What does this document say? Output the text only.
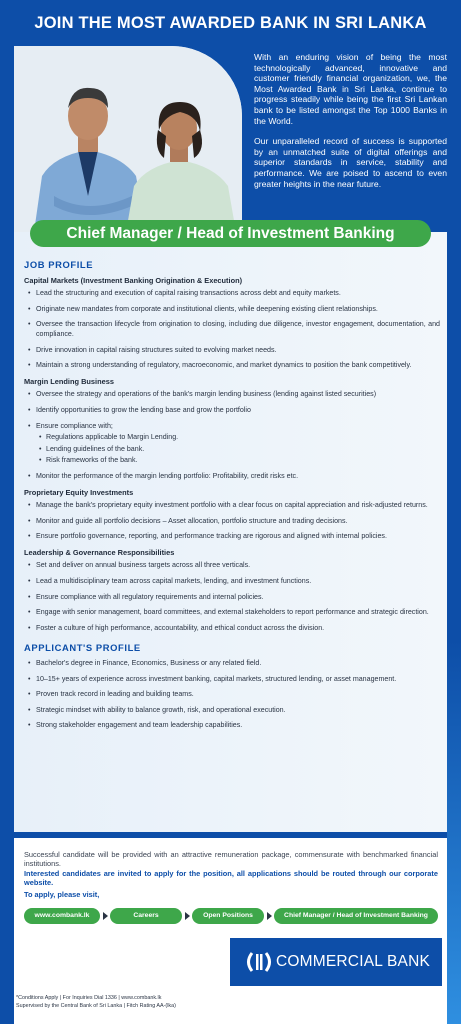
JOIN THE MOST AWARDED BANK IN SRI LANKA

With an enduring vision of being the most technologically advanced, innovative and customer friendly financial organization, we, the Most Awarded Bank in Sri Lanka, continue to progress steadily while being the first Sri Lankan bank to be listed amongst the Top 1000 Banks in the World.

Our unparalleled record of success is supported by an unmatched suite of digital offerings and superior standards in service, stability and performance. We are poised to ascend to even greater heights in the near future.

Chief Manager / Head of Investment Banking
JOB PROFILE
Capital Markets (Investment Banking Origination & Execution)
• Lead the structuring and execution of capital raising transactions across debt and equity markets.
• Originate new mandates from corporate and institutional clients, while deepening existing client relationships.
• Oversee the transaction lifecycle from origination to closing, including due diligence, investor engagement, documentation, and compliance.
• Drive innovation in capital raising structures suited to evolving market needs.
• Maintain a strong understanding of regulatory, macroeconomic, and market dynamics to position the bank competitively.
Margin Lending Business
• Oversee the strategy and operations of the bank's margin lending business (lending against listed securities)
• Identify opportunities to grow the lending base and grow the portfolio
• Ensure compliance with;
• Regulations applicable to Margin Lending.
• Lending guidelines of the bank.
• Risk frameworks of the bank.
• Monitor the performance of the margin lending portfolio: Profitability, credit risks etc.
Proprietary Equity Investments
• Manage the bank's proprietary equity investment portfolio with a clear focus on capital appreciation and risk-adjusted returns.
• Monitor and guide all portfolio decisions – Asset allocation, portfolio structure and trading decisions.
• Ensure portfolio governance, reporting, and performance tracking are rigorous and aligned with internal policies.
Leadership & Governance Responsibilities
• Set and deliver on annual business targets across all three verticals.
• Lead a multidisciplinary team across capital markets, lending, and investment functions.
• Ensure compliance with all regulatory requirements and internal policies.
• Engage with senior management, board committees, and external stakeholders to report performance and strategic direction.
• Foster a culture of high performance, accountability, and ethical conduct across the division.
APPLICANT'S PROFILE
• Bachelor's degree in Finance, Economics, Business or any related field.
• 10–15+ years of experience across investment banking, capital markets, structured lending, or asset management.
• Proven track record in leading and building teams.
• Strategic mindset with ability to balance growth, risk, and operational execution.
• Strong stakeholder engagement and team leadership capabilities.
Successful candidate will be provided with an attractive remuneration package, commensurate with benchmarked financial institutions.
Interested candidates are invited to apply for the position, all applications should be routed through our corporate website.
To apply, please visit,
www.combank.lk	Careers	Open Positions	Chief Manager / Head of Investment Banking
COMMERCIAL BANK
*Conditions Apply | For Inquiries Dial 1336 | www.combank.lk
Supervised by the Central Bank of Sri Lanka | Fitch Rating AA-(lka)
